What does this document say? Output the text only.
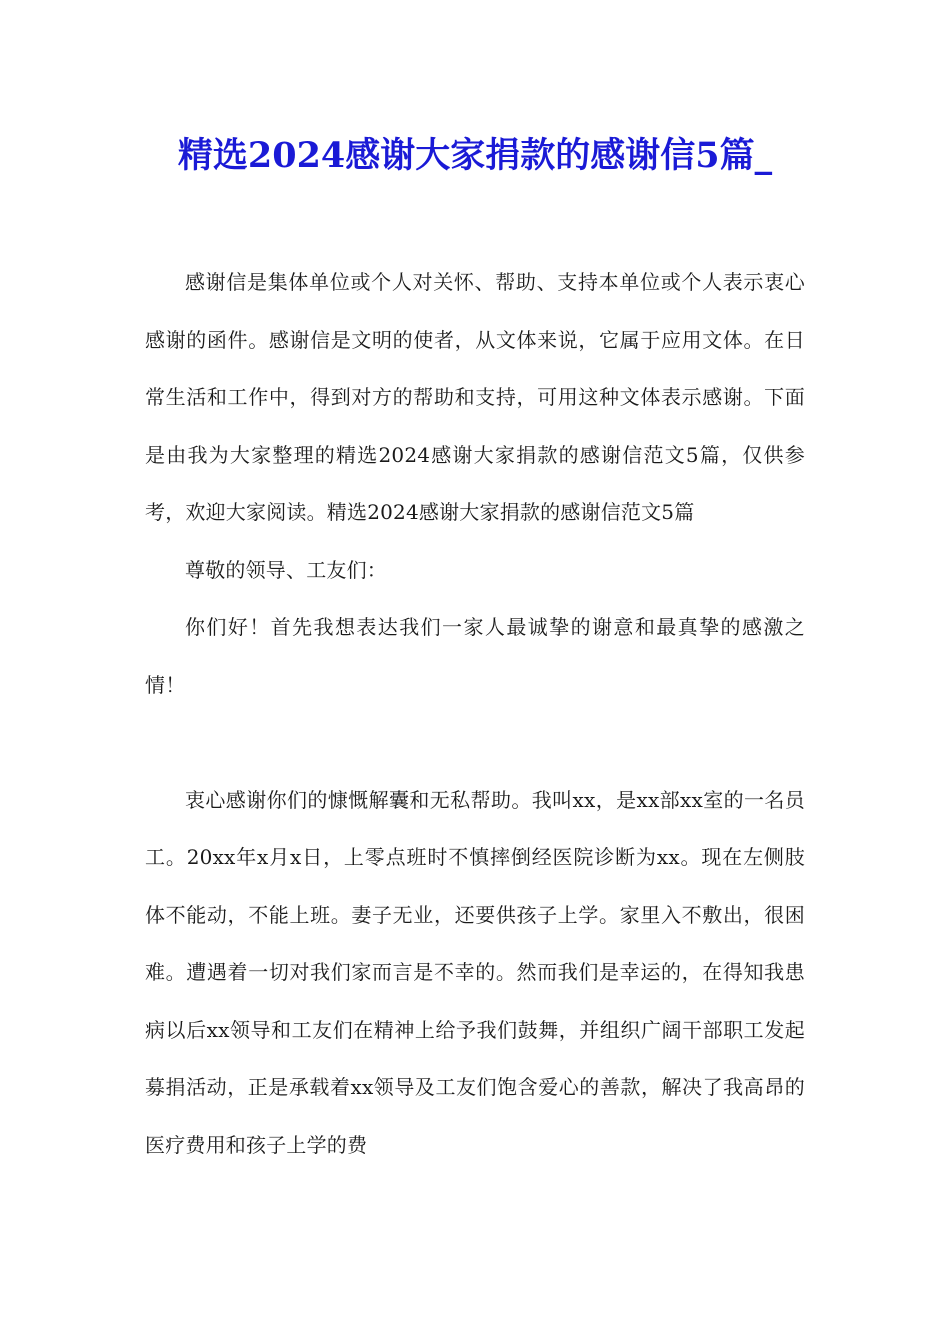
精选2024感谢大家捐款的感谢信5篇_

感谢信是集体单位或个人对关怀、帮助、支持本单位或个人表示衷心感谢的函件。感谢信是文明的使者，从文体来说，它属于应用文体。在日常生活和工作中，得到对方的帮助和支持，可用这种文体表示感谢。下面是由我为大家整理的精选2024感谢大家捐款的感谢信范文5篇，仅供参考，欢迎大家阅读。精选2024感谢大家捐款的感谢信范文5篇

尊敬的领导、工友们：

你们好！首先我想表达我们一家人最诚挚的谢意和最真挚的感激之情！

衷心感谢你们的慷慨解囊和无私帮助。我叫xx，是xx部xx室的一名员工。20xx年x月x日，上零点班时不慎摔倒经医院诊断为xx。现在左侧肢体不能动，不能上班。妻子无业，还要供孩子上学。家里入不敷出，很困难。遭遇着一切对我们家而言是不幸的。然而我们是幸运的，在得知我患病以后xx领导和工友们在精神上给予我们鼓舞，并组织广阔干部职工发起募捐活动，正是承载着xx领导及工友们饱含爱心的善款，解决了我高昂的医疗费用和孩子上学的费
